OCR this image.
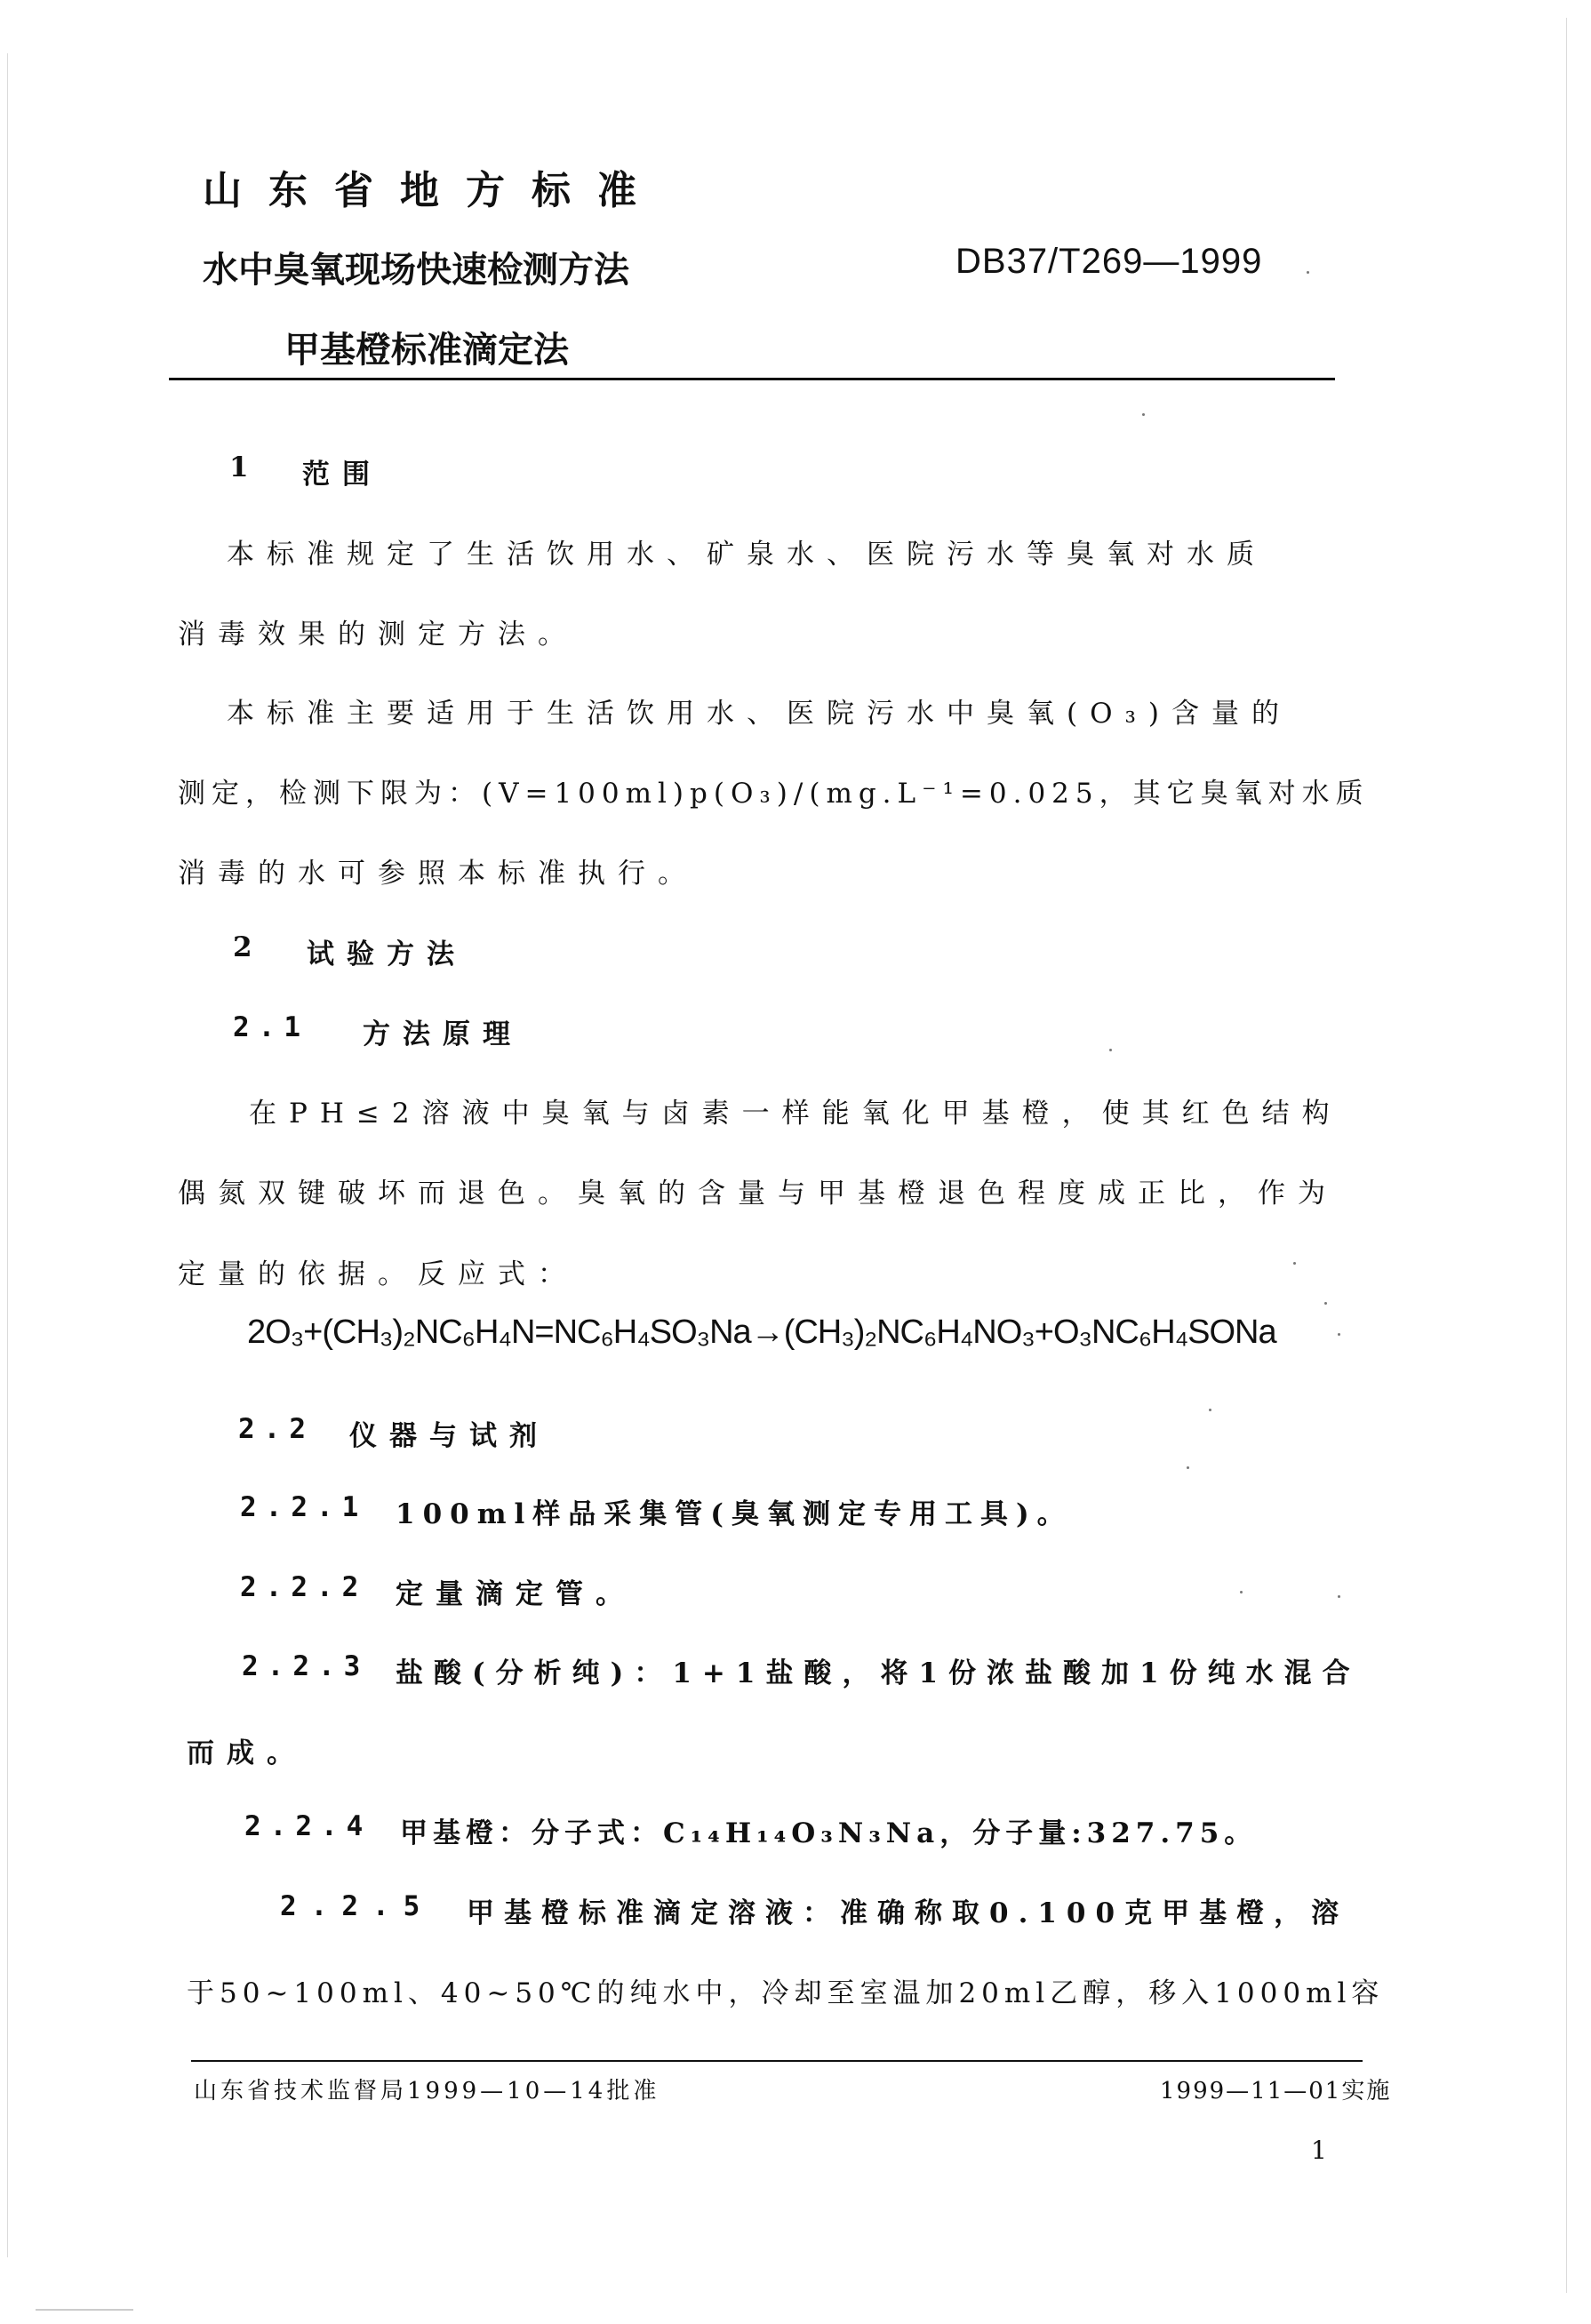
山东省地方标准
水中臭氧现场快速检测方法	DB37/T269—1999
甲基橙标准滴定法
1 范围
本标准规定了生活饮用水、矿泉水、医院污水等臭氧对水质
消毒效果的测定方法。
本标准主要适用于生活饮用水、医院污水中臭氧(O₃)含量的
测定，检测下限为：(V=100ml)p(O₃)/(mg.L⁻¹=0.025，其它臭氧对水质
消毒的水可参照本标准执行。
2 试验方法
2.1 方法原理
在PH≤2溶液中臭氧与卤素一样能氧化甲基橙，使其红色结构
偶氮双键破坏而退色。臭氧的含量与甲基橙退色程度成正比，作为
定量的依据。反应式：
2O₃+(CH₃)₂NC₆H₄N=NC₆H₄SO₃Na→(CH₃)₂NC₆H₄NO₃+O₃NC₆H₄SONa
2.2 仪器与试剂
2.2.1 100ml样品采集管(臭氧测定专用工具)。
2.2.2 定量滴定管。
2.2.3 盐酸(分析纯)：1+1盐酸，将1份浓盐酸加1份纯水混合
而成。
2.2.4 甲基橙：分子式：C₁₄H₁₄O₃N₃Na，分子量:327.75。
2.2.5 甲基橙标准滴定溶液：准确称取0.100克甲基橙，溶
于50~100ml、40~50℃的纯水中，冷却至室温加20ml乙醇，移入1000ml容
山东省技术监督局1999—10—14批准	1999—11—01实施
1
